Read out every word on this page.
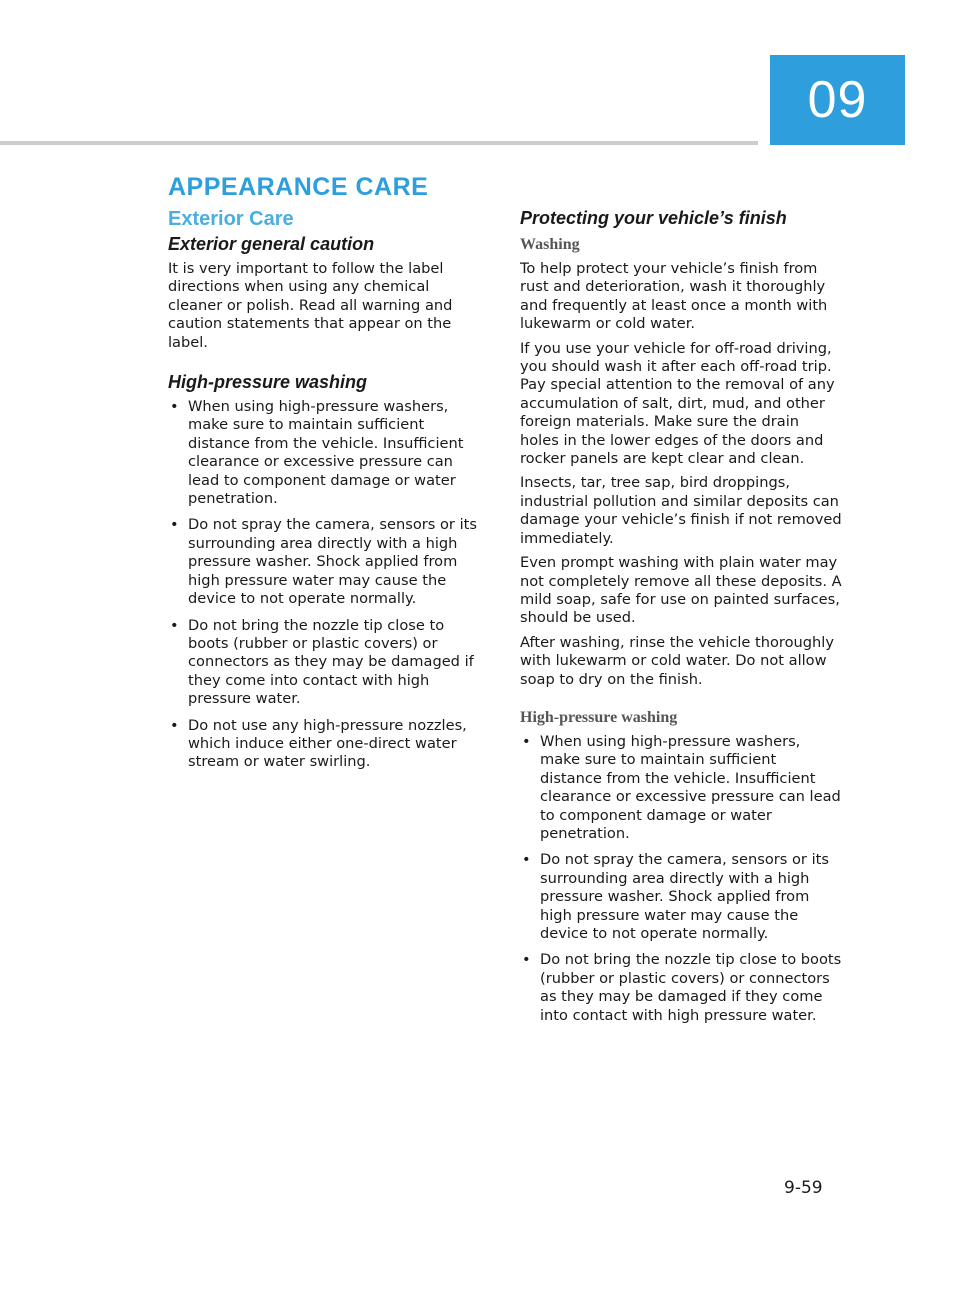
09
APPEARANCE CARE
Exterior Care
Exterior general caution

It is very important to follow the label directions when using any chemical cleaner or polish. Read all warning and caution statements that appear on the label.

High-pressure washing
• When using high-pressure washers, make sure to maintain sufficient distance from the vehicle. Insufficient clearance or excessive pressure can lead to component damage or water penetration.
• Do not spray the camera, sensors or its surrounding area directly with a high pressure washer. Shock applied from high pressure water may cause the device to not operate normally.
• Do not bring the nozzle tip close to boots (rubber or plastic covers) or connectors as they may be damaged if they come into contact with high pressure water.
• Do not use any high-pressure nozzles, which induce either one-direct water stream or water swirling.
Protecting your vehicle’s finish
Washing

To help protect your vehicle’s finish from rust and deterioration, wash it thoroughly and frequently at least once a month with lukewarm or cold water.

If you use your vehicle for off-road driving, you should wash it after each off-road trip. Pay special attention to the removal of any accumulation of salt, dirt, mud, and other foreign materials. Make sure the drain holes in the lower edges of the doors and rocker panels are kept clear and clean.

Insects, tar, tree sap, bird droppings, industrial pollution and similar deposits can damage your vehicle’s finish if not removed immediately.

Even prompt washing with plain water may not completely remove all these deposits. A mild soap, safe for use on painted surfaces, should be used.

After washing, rinse the vehicle thoroughly with lukewarm or cold water. Do not allow soap to dry on the finish.

High-pressure washing
• When using high-pressure washers, make sure to maintain sufficient distance from the vehicle. Insufficient clearance or excessive pressure can lead to component damage or water penetration.
• Do not spray the camera, sensors or its surrounding area directly with a high pressure washer. Shock applied from high pressure water may cause the device to not operate normally.
• Do not bring the nozzle tip close to boots (rubber or plastic covers) or connectors as they may be damaged if they come into contact with high pressure water.
9-59
